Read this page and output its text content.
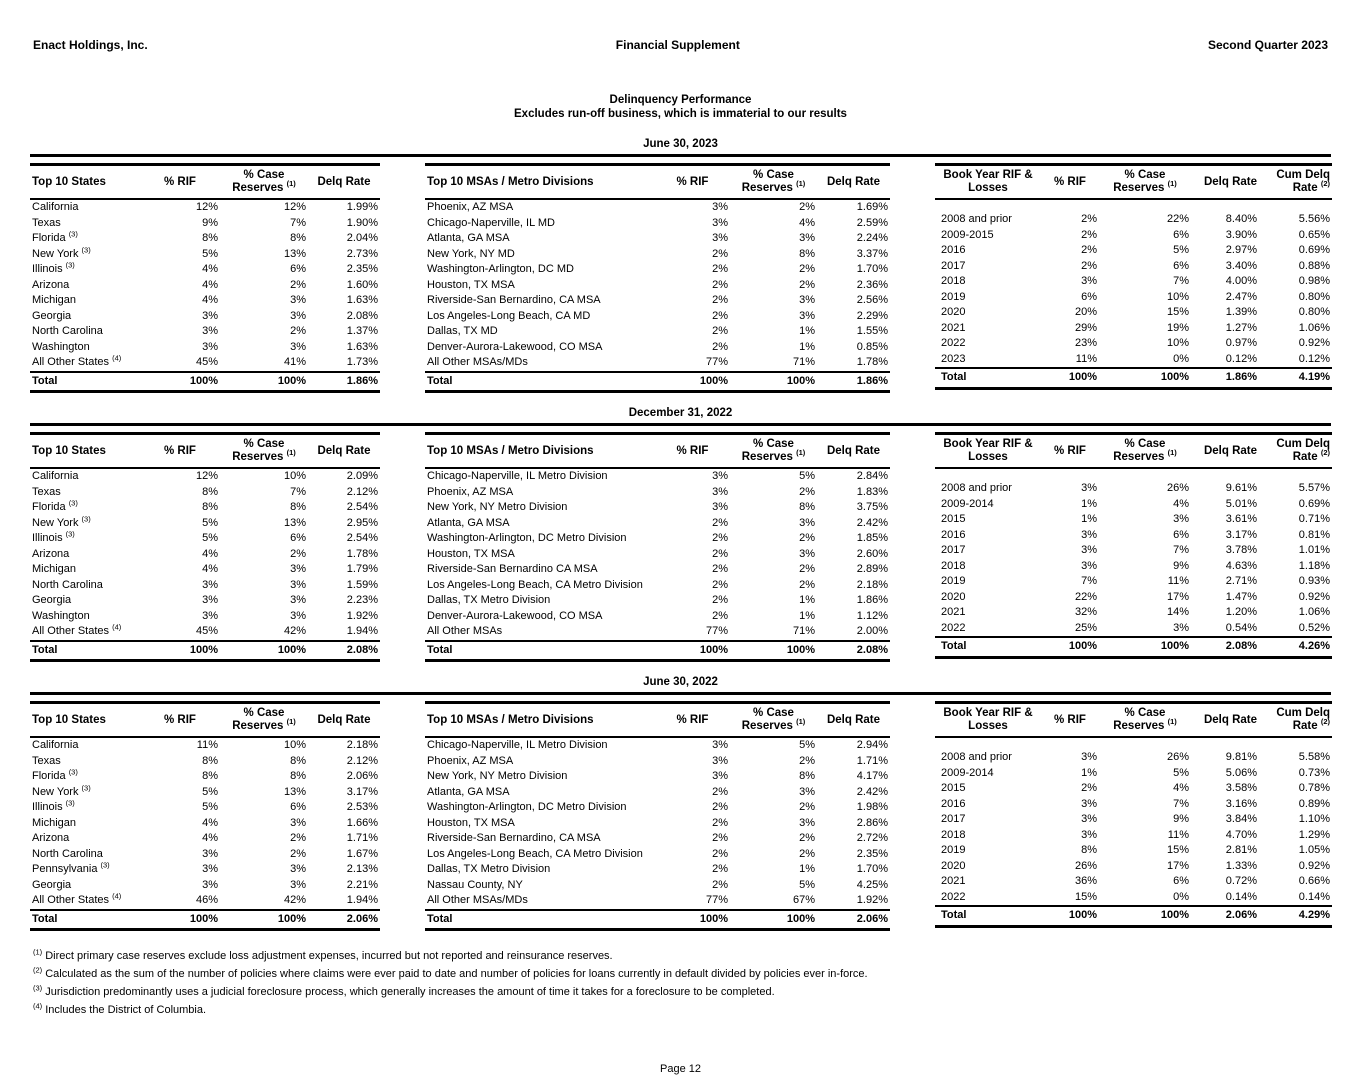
Enact Holdings, Inc.	Financial Supplement	Second Quarter 2023
Delinquency Performance
Excludes run-off business, which is immaterial to our results
June 30, 2023
Top 10 States	% RIF	% Case
Reserves $^{(1)}$	Delq Rate
California	12%	12%	1.99%
Texas	9%	7%	1.90%
Florida $^{(3)}$	8%	8%	2.04%
New York $^{(3)}$	5%	13%	2.73%
Illinois $^{(3)}$	4%	6%	2.35%
Arizona	4%	2%	1.60%
Michigan	4%	3%	1.63%
Georgia	3%	3%	2.08%
North Carolina	3%	2%	1.37%
Washington	3%	3%	1.63%
All Other States $^{(4)}$	45%	41%	1.73%
Total	100%	100%	1.86%
Top 10 MSAs / Metro Divisions	% RIF	% Case
Reserves $^{(1)}$	Delq Rate
Phoenix, AZ MSA	3%	2%	1.69%
Chicago-Naperville, IL MD	3%	4%	2.59%
Atlanta, GA MSA	3%	3%	2.24%
New York, NY MD	2%	8%	3.37%
Washington-Arlington, DC MD	2%	2%	1.70%
Houston, TX MSA	2%	2%	2.36%
Riverside-San Bernardino, CA MSA	2%	3%	2.56%
Los Angeles-Long Beach, CA MD	2%	3%	2.29%
Dallas, TX MD	2%	1%	1.55%
Denver-Aurora-Lakewood, CO MSA	2%	1%	0.85%
All Other MSAs/MDs	77%	71%	1.78%
Total	100%	100%	1.86%
Book Year RIF &
Losses	% RIF	% Case
Reserves $^{(1)}$	Delq Rate	Cum Delq
Rate $^{(2)}$

2008 and prior	2%	22%	8.40%	5.56%
2009-2015	2%	6%	3.90%	0.65%
2016	2%	5%	2.97%	0.69%
2017	2%	6%	3.40%	0.88%
2018	3%	7%	4.00%	0.98%
2019	6%	10%	2.47%	0.80%
2020	20%	15%	1.39%	0.80%
2021	29%	19%	1.27%	1.06%
2022	23%	10%	0.97%	0.92%
2023	11%	0%	0.12%	0.12%
Total	100%	100%	1.86%	4.19%
December 31, 2022
Top 10 States	% RIF	% Case
Reserves $^{(1)}$	Delq Rate
California	12%	10%	2.09%
Texas	8%	7%	2.12%
Florida $^{(3)}$	8%	8%	2.54%
New York $^{(3)}$	5%	13%	2.95%
Illinois $^{(3)}$	5%	6%	2.54%
Arizona	4%	2%	1.78%
Michigan	4%	3%	1.79%
North Carolina	3%	3%	1.59%
Georgia	3%	3%	2.23%
Washington	3%	3%	1.92%
All Other States $^{(4)}$	45%	42%	1.94%
Total	100%	100%	2.08%
Top 10 MSAs / Metro Divisions	% RIF	% Case
Reserves $^{(1)}$	Delq Rate
Chicago-Naperville, IL Metro Division	3%	5%	2.84%
Phoenix, AZ MSA	3%	2%	1.83%
New York, NY Metro Division	3%	8%	3.75%
Atlanta, GA MSA	2%	3%	2.42%
Washington-Arlington, DC Metro Division	2%	2%	1.85%
Houston, TX MSA	2%	3%	2.60%
Riverside-San Bernardino CA MSA	2%	2%	2.89%
Los Angeles-Long Beach, CA Metro Division	2%	2%	2.18%
Dallas, TX Metro Division	2%	1%	1.86%
Denver-Aurora-Lakewood, CO MSA	2%	1%	1.12%
All Other MSAs	77%	71%	2.00%
Total	100%	100%	2.08%
Book Year RIF &
Losses	% RIF	% Case
Reserves $^{(1)}$	Delq Rate	Cum Delq
Rate $^{(2)}$

2008 and prior	3%	26%	9.61%	5.57%
2009-2014	1%	4%	5.01%	0.69%
2015	1%	3%	3.61%	0.71%
2016	3%	6%	3.17%	0.81%
2017	3%	7%	3.78%	1.01%
2018	3%	9%	4.63%	1.18%
2019	7%	11%	2.71%	0.93%
2020	22%	17%	1.47%	0.92%
2021	32%	14%	1.20%	1.06%
2022	25%	3%	0.54%	0.52%
Total	100%	100%	2.08%	4.26%
June 30, 2022
Top 10 States	% RIF	% Case
Reserves $^{(1)}$	Delq Rate
California	11%	10%	2.18%
Texas	8%	8%	2.12%
Florida $^{(3)}$	8%	8%	2.06%
New York $^{(3)}$	5%	13%	3.17%
Illinois $^{(3)}$	5%	6%	2.53%
Michigan	4%	3%	1.66%
Arizona	4%	2%	1.71%
North Carolina	3%	2%	1.67%
Pennsylvania $^{(3)}$	3%	3%	2.13%
Georgia	3%	3%	2.21%
All Other States $^{(4)}$	46%	42%	1.94%
Total	100%	100%	2.06%
Top 10 MSAs / Metro Divisions	% RIF	% Case
Reserves $^{(1)}$	Delq Rate
Chicago-Naperville, IL Metro Division	3%	5%	2.94%
Phoenix, AZ MSA	3%	2%	1.71%
New York, NY Metro Division	3%	8%	4.17%
Atlanta, GA MSA	2%	3%	2.42%
Washington-Arlington, DC Metro Division	2%	2%	1.98%
Houston, TX MSA	2%	3%	2.86%
Riverside-San Bernardino, CA MSA	2%	2%	2.72%
Los Angeles-Long Beach, CA Metro Division	2%	2%	2.35%
Dallas, TX Metro Division	2%	1%	1.70%
Nassau County, NY	2%	5%	4.25%
All Other MSAs/MDs	77%	67%	1.92%
Total	100%	100%	2.06%
Book Year RIF &
Losses	% RIF	% Case
Reserves $^{(1)}$	Delq Rate	Cum Delq
Rate $^{(2)}$

2008 and prior	3%	26%	9.81%	5.58%
2009-2014	1%	5%	5.06%	0.73%
2015	2%	4%	3.58%	0.78%
2016	3%	7%	3.16%	0.89%
2017	3%	9%	3.84%	1.10%
2018	3%	11%	4.70%	1.29%
2019	8%	15%	2.81%	1.05%
2020	26%	17%	1.33%	0.92%
2021	36%	6%	0.72%	0.66%
2022	15%	0%	0.14%	0.14%
Total	100%	100%	2.06%	4.29%
$^{(1)}$ Direct primary case reserves exclude loss adjustment expenses, incurred but not reported and reinsurance reserves.
$^{(2)}$ Calculated as the sum of the number of policies where claims were ever paid to date and number of policies for loans currently in default divided by policies ever in-force.
$^{(3)}$ Jurisdiction predominantly uses a judicial foreclosure process, which generally increases the amount of time it takes for a foreclosure to be completed.
$^{(4)}$ Includes the District of Columbia.
Page 12
